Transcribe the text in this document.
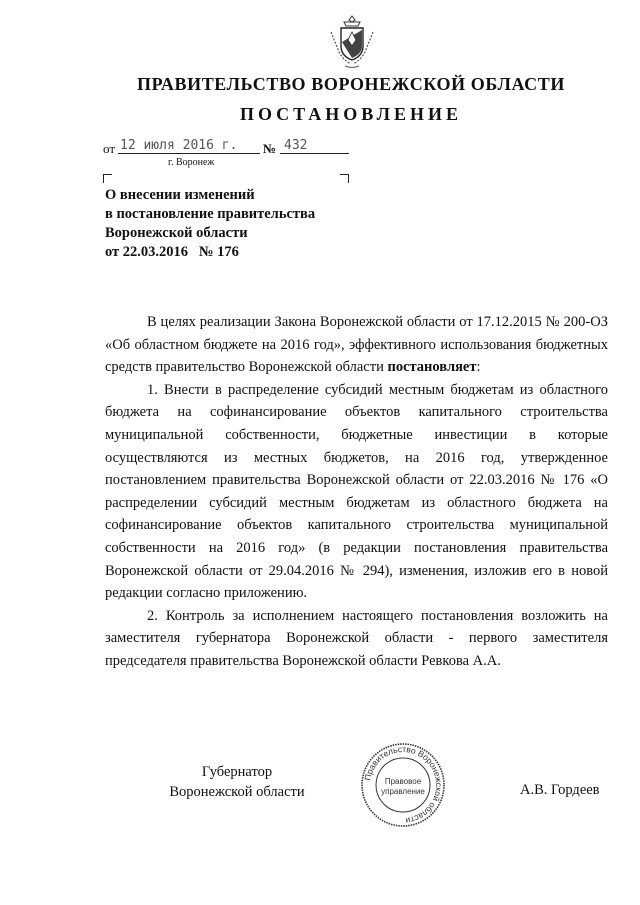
ПРАВИТЕЛЬСТВО ВОРОНЕЖСКОЙ ОБЛАСТИ
ПОСТАНОВЛЕНИЕ
от 12 июля 2016 г.	№ 432
г. Воронеж
О внесении изменений
в постановление правительства
Воронежской области
от 22.03.2016   № 176

В целях реализации Закона Воронежской области от 17.12.2015 № 200-ОЗ «Об областном бюджете на 2016 год», эффективного использования бюджетных средств правительство Воронежской области постановляет:

1. Внести в распределение субсидий местным бюджетам из областного бюджета на софинансирование объектов капитального строительства муниципальной собственности, бюджетные инвестиции в которые осуществляются из местных бюджетов, на 2016 год, утвержденное постановлением правительства Воронежской области от 22.03.2016 № 176 «О распределении субсидий местным бюджетам из областного бюджета на софинансирование объектов капитального строительства муниципальной собственности на 2016 год» (в редакции постановления правительства Воронежской области от 29.04.2016 № 294), изменения, изложив его в новой редакции согласно приложению.

2. Контроль за исполнением настоящего постановления возложить на заместителя губернатора Воронежской области - первого заместителя председателя правительства Воронежской области Ревкова А.А.

Губернатор
Воронежской области
Правительство Воронежской области
Правовое
управление	А.В. Гордеев
